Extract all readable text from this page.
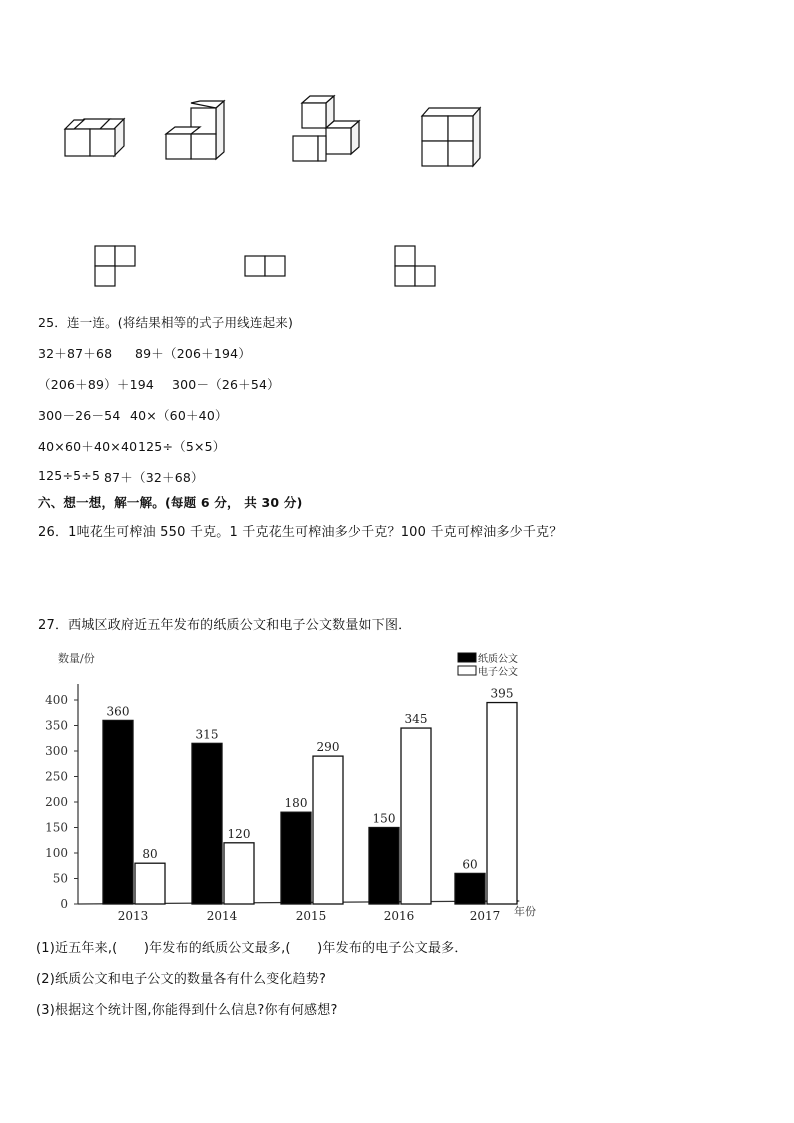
25．连一连。(将结果相等的式子用线连起来)
32＋87＋68 89＋（206＋194）
（206＋89）＋194 300－（26＋54）
300－26－54 40×（60＋40）
40×60＋40×40 125÷（5×5）
125÷5÷5 87＋（32＋68）
六、想一想，解一解。(每题 6 分， 共 30 分)
26．1吨花生可榨油 550 千克。1 千克花生可榨油多少千克？100 千克可榨油多少千克？
27．西城区政府近五年发布的纸质公文和电子公文数量如下图．
0
50
100
150
200
250
300
350
400
数量/份
年份
360
80
2013
315
120
2014
180
290
2015
150
345
2016
60
395
2017
纸质公文
电子公文
(1)近五年来,(　　)年发布的纸质公文最多,(　　)年发布的电子公文最多．
(2)纸质公文和电子公文的数量各有什么变化趋势?
(3)根据这个统计图,你能得到什么信息?你有何感想?
